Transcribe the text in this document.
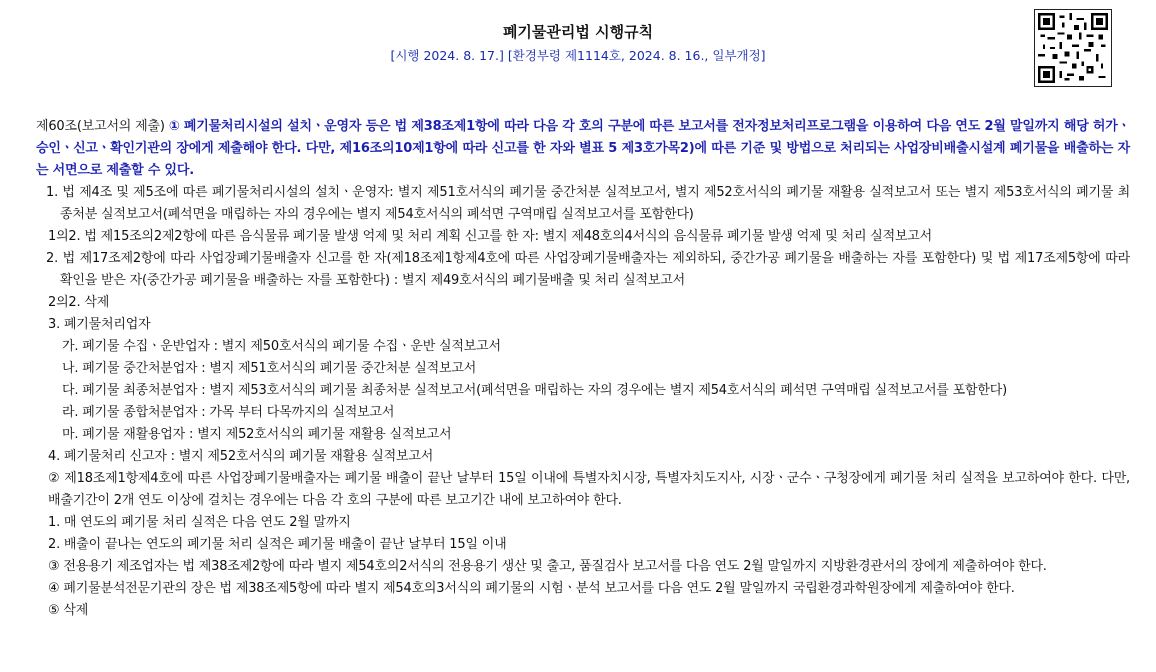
폐기물관리법 시행규칙
[시행 2024. 8. 17.] [환경부령 제1114호, 2024. 8. 16., 일부개정]

제60조(보고서의 제출) ① 폐기물처리시설의 설치ㆍ운영자 등은 법 제38조제1항에 따라 다음 각 호의 구분에 따른 보고서를 전자정보처리프로그램을 이용하여 다음 연도 2월 말일까지 해당 허가ㆍ승인ㆍ신고ㆍ확인기관의 장에게 제출해야 한다. 다만, 제16조의10제1항에 따라 신고를 한 자와 별표 5 제3호가목2)에 따른 기준 및 방법으로 처리되는 사업장비배출시설계 폐기물을 배출하는 자는 서면으로 제출할 수 있다.

1. 법 제4조 및 제5조에 따른 폐기물처리시설의 설치ㆍ운영자: 별지 제51호서식의 폐기물 중간처분 실적보고서, 별지 제52호서식의 폐기물 재활용 실적보고서 또는 별지 제53호서식의 폐기물 최종처분 실적보고서(폐석면을 매립하는 자의 경우에는 별지 제54호서식의 폐석면 구역매립 실적보고서를 포함한다)

1의2. 법 제15조의2제2항에 따른 음식물류 폐기물 발생 억제 및 처리 계획 신고를 한 자: 별지 제48호의4서식의 음식물류 폐기물 발생 억제 및 처리 실적보고서

2. 법 제17조제2항에 따라 사업장폐기물배출자 신고를 한 자(제18조제1항제4호에 따른 사업장폐기물배출자는 제외하되, 중간가공 폐기물을 배출하는 자를 포함한다) 및 법 제17조제5항에 따라 확인을 받은 자(중간가공 폐기물을 배출하는 자를 포함한다) : 별지 제49호서식의 폐기물배출 및 처리 실적보고서

2의2. 삭제

3. 폐기물처리업자

가. 폐기물 수집ㆍ운반업자 : 별지 제50호서식의 폐기물 수집ㆍ운반 실적보고서

나. 폐기물 중간처분업자 : 별지 제51호서식의 폐기물 중간처분 실적보고서

다. 폐기물 최종처분업자 : 별지 제53호서식의 폐기물 최종처분 실적보고서(폐석면을 매립하는 자의 경우에는 별지 제54호서식의 폐석면 구역매립 실적보고서를 포함한다)

라. 폐기물 종합처분업자 : 가목 부터 다목까지의 실적보고서

마. 폐기물 재활용업자 : 별지 제52호서식의 폐기물 재활용 실적보고서

4. 폐기물처리 신고자 : 별지 제52호서식의 폐기물 재활용 실적보고서

② 제18조제1항제4호에 따른 사업장폐기물배출자는 폐기물 배출이 끝난 날부터 15일 이내에 특별자치시장, 특별자치도지사, 시장ㆍ군수ㆍ구청장에게 폐기물 처리 실적을 보고하여야 한다. 다만, 배출기간이 2개 연도 이상에 걸치는 경우에는 다음 각 호의 구분에 따른 보고기간 내에 보고하여야 한다.

1. 매 연도의 폐기물 처리 실적은 다음 연도 2월 말까지

2. 배출이 끝나는 연도의 폐기물 처리 실적은 폐기물 배출이 끝난 날부터 15일 이내

③ 전용용기 제조업자는 법 제38조제2항에 따라 별지 제54호의2서식의 전용용기 생산 및 출고, 품질검사 보고서를 다음 연도 2월 말일까지 지방환경관서의 장에게 제출하여야 한다.

④ 폐기물분석전문기관의 장은 법 제38조제5항에 따라 별지 제54호의3서식의 폐기물의 시험ㆍ분석 보고서를 다음 연도 2월 말일까지 국립환경과학원장에게 제출하여야 한다.

⑤ 삭제
